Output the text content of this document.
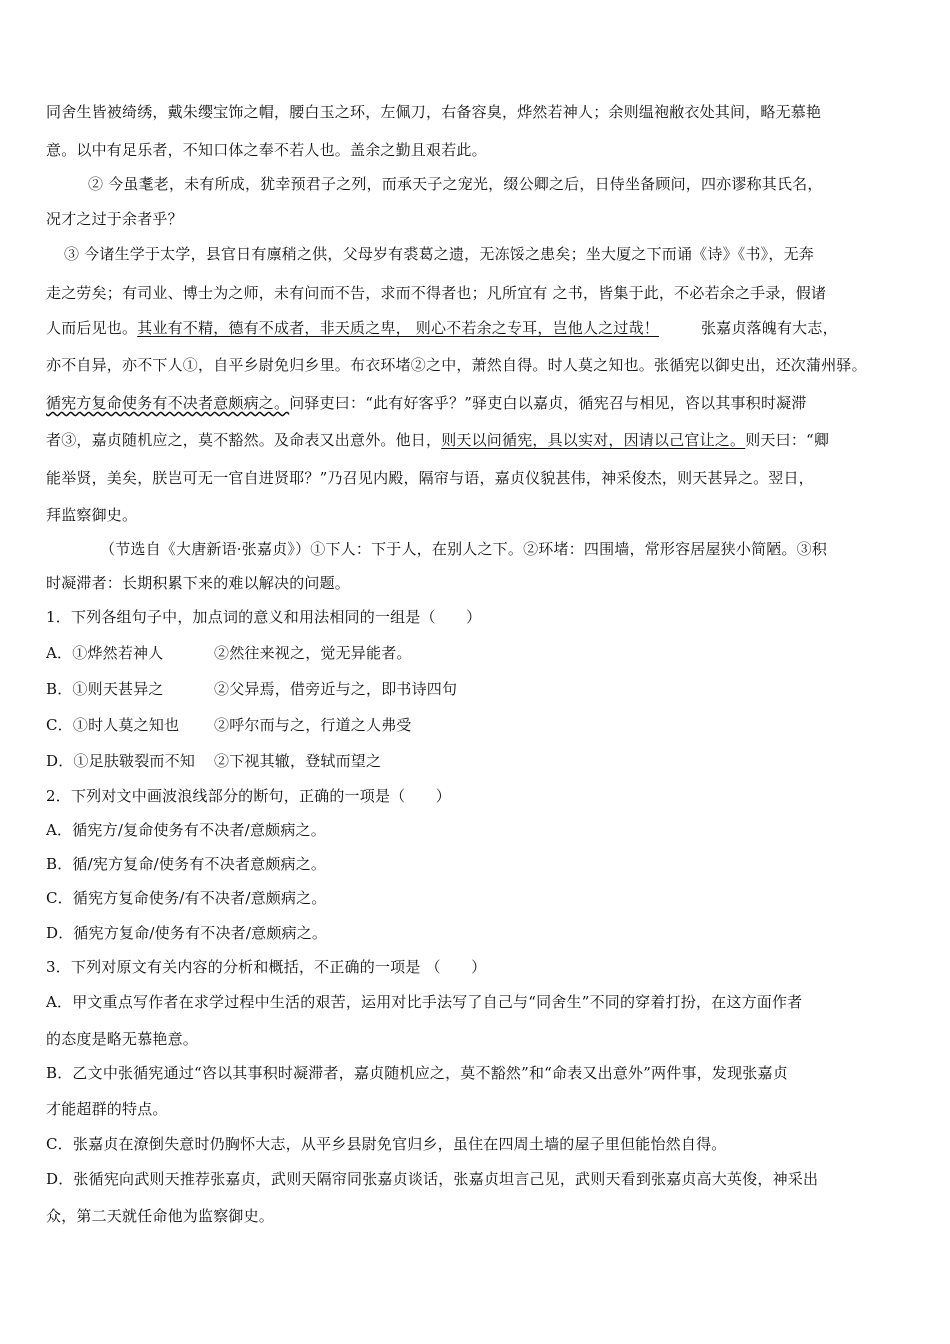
同舍生皆被绮绣，戴朱缨宝饰之帽，腰白玉之环，左佩刀，右备容臭，烨然若神人；余则缊袍敝衣处其间，略无慕艳
意。以中有足乐者，不知口体之奉不若人也。盖余之勤且艰若此。
② 今虽耄老，未有所成，犹幸预君子之列，而承天子之宠光，缀公卿之后，日侍坐备顾问，四亦谬称其氏名，
况才之过于余者乎？
③ 今诸生学于太学，县官日有廪稍之供，父母岁有裘葛之遗，无冻馁之患矣；坐大厦之下而诵《诗》《书》，无奔
走之劳矣；有司业、博士为之师，未有问而不告，求而不得者也；凡所宜有 之书，皆集于此，不必若余之手录，假诸
人而后见也。其业有不精，德有不成者，非天质之卑， 则心不若余之专耳，岂他人之过哉！	张嘉贞落魄有大志，
亦不自异，亦不下人①，自平乡尉免归乡里。布衣环堵②之中，萧然自得。时人莫之知也。张循宪以御史出，还次蒲州驿。
循宪方复命使务有不决者意颇病之。问驿吏曰：“此有好客乎？”驿吏白以嘉贞，循宪召与相见，咨以其事积时凝滞
者③，嘉贞随机应之，莫不豁然。及命表又出意外。他日，则天以问循宪，具以实对，因请以己官让之。则天曰：“卿
能举贤，美矣，朕岂可无一官自进贤耶？”乃召见内殿，隔帘与语，嘉贞仪貌甚伟，神采俊杰，则天甚异之。翌日，
拜监察御史。
（节选自《大唐新语·张嘉贞》）①下人：下于人，在别人之下。②环堵：四围墙，常形容居屋狭小简陋。③积
时凝滞者：长期积累下来的难以解决的问题。
1．下列各组句子中，加点词的意义和用法相同的一组是（　　）
A．①烨然若神人	②然往来视之，觉无异能者。
B．①则天甚异之	②父异焉，借旁近与之，即书诗四句
C．①时人莫之知也 ②呼尔而与之，行道之人弗受
D．①足肤皲裂而不知 ②下视其辙，登轼而望之
2．下列对文中画波浪线部分的断句，正确的一项是（　　）
A．循宪方/复命使务有不决者/意颇病之。
B．循/宪方复命/使务有不决者意颇病之。
C．循宪方复命使务/有不决者/意颇病之。
D．循宪方复命/使务有不决者/意颇病之。
3．下列对原文有关内容的分析和概括，不正确的一项是 （　　）
A．甲文重点写作者在求学过程中生活的艰苦，运用对比手法写了自己与“同舍生”不同的穿着打扮，在这方面作者
的态度是略无慕艳意。
B．乙文中张循宪通过“咨以其事积时凝滞者，嘉贞随机应之，莫不豁然”和“命表又出意外”两件事，发现张嘉贞
才能超群的特点。
C．张嘉贞在潦倒失意时仍胸怀大志，从平乡县尉免官归乡，虽住在四周土墙的屋子里但能怡然自得。
D．张循宪向武则天推荐张嘉贞，武则天隔帘同张嘉贞谈话，张嘉贞坦言己见，武则天看到张嘉贞高大英俊，神采出
众，第二天就任命他为监察御史。
